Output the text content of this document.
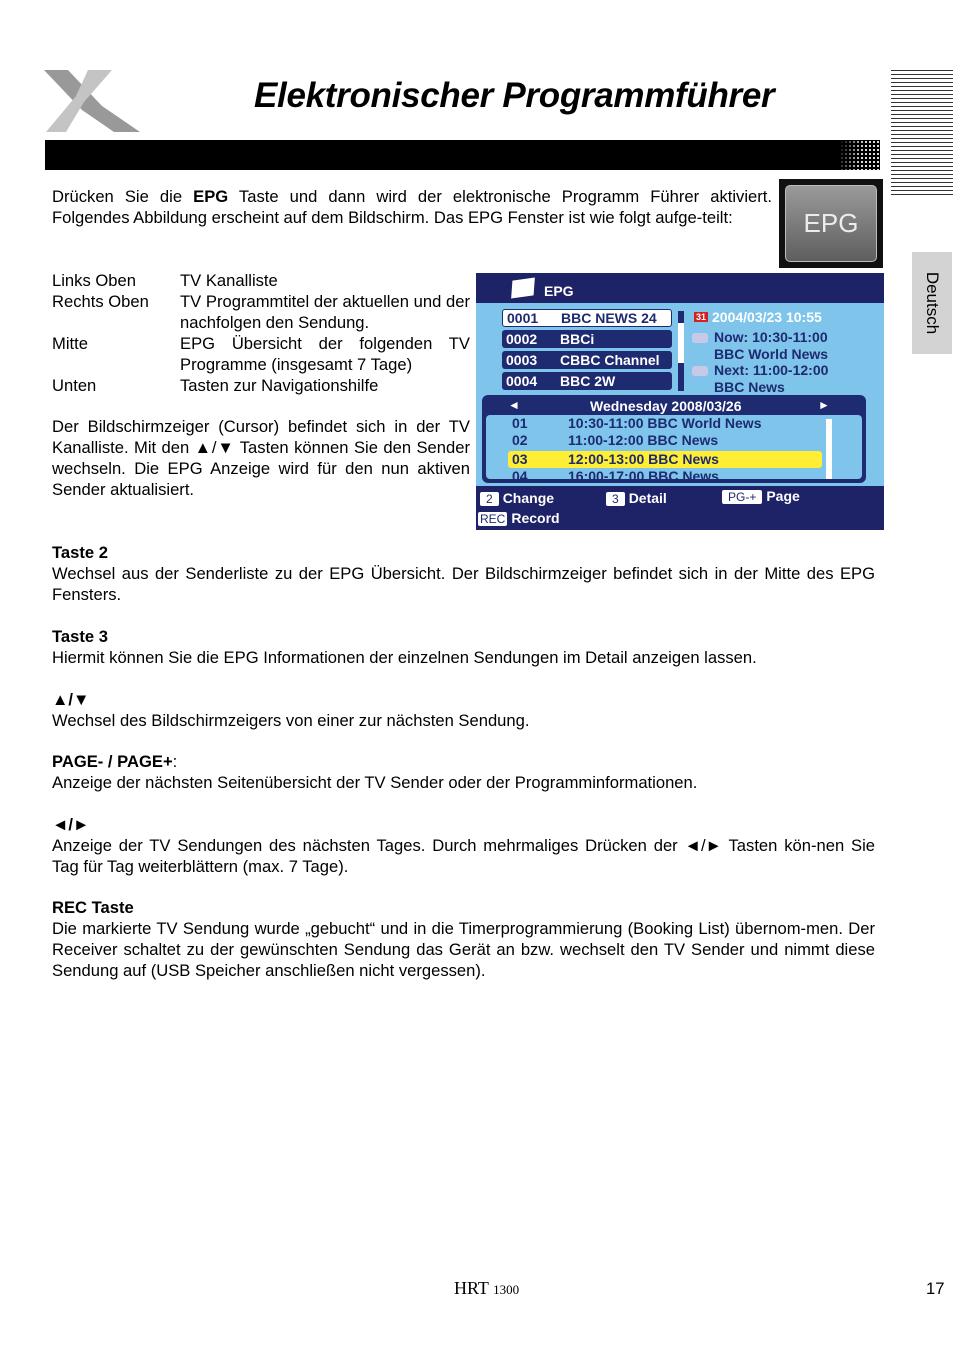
Elektronischer Programmführer
Deutsch
EPG

Drücken Sie die EPG Taste und dann wird der elektronische Programm Führer aktiviert. Folgendes Abbildung erscheint auf dem Bildschirm. Das EPG Fenster ist wie folgt aufge-teilt:

Links Oben	TV Kanalliste
Rechts Oben	TV Programmtitel der aktuellen und der nachfolgen den Sendung.
Mitte	EPG Übersicht der folgenden TV Programme (insgesamt 7 Tage)
Unten	Tasten zur Navigationshilfe

Der Bildschirmzeiger (Cursor) befindet sich in der TV Kanalliste. Mit den ▲/▼ Tasten können Sie den Sender wechseln. Die EPG Anzeige wird für den nun aktiven Sender aktualisiert.

EPG
0001 BBC NEWS 24
0002 BBCi
0003 CBBC Channel
0004 BBC 2W
31 2004/03/23 10:55
Now: 10:30-11:00
BBC World News
Next: 11:00-12:00
BBC News
◄	Wednesday 2008/03/26	►
01	10:30-11:00 BBC World News
02	11:00-12:00 BBC News
03	12:00-13:00 BBC News
04	16:00-17:00 BBC News
2 Change	3 Detail	PG-+ Page
REC Record
Taste 2

Wechsel aus der Senderliste zu der EPG Übersicht. Der Bildschirmzeiger befindet sich in der Mitte des EPG Fensters.

Taste 3

Hiermit können Sie die EPG Informationen der einzelnen Sendungen im Detail anzeigen lassen.

▲/▼

Wechsel des Bildschirmzeigers von einer zur nächsten Sendung.

PAGE- / PAGE+:

Anzeige der nächsten Seitenübersicht der TV Sender oder der Programminformationen.

◄/►

Anzeige der TV Sendungen des nächsten Tages. Durch mehrmaliges Drücken der ◄/► Tasten kön-nen Sie Tag für Tag weiterblättern (max. 7 Tage).

REC Taste

Die markierte TV Sendung wurde „gebucht“ und in die Timerprogrammierung (Booking List) übernom-men. Der Receiver schaltet zu der gewünschten Sendung das Gerät an bzw. wechselt den TV Sender und nimmt diese Sendung auf (USB Speicher anschließen nicht vergessen).

HRT 1300	17
